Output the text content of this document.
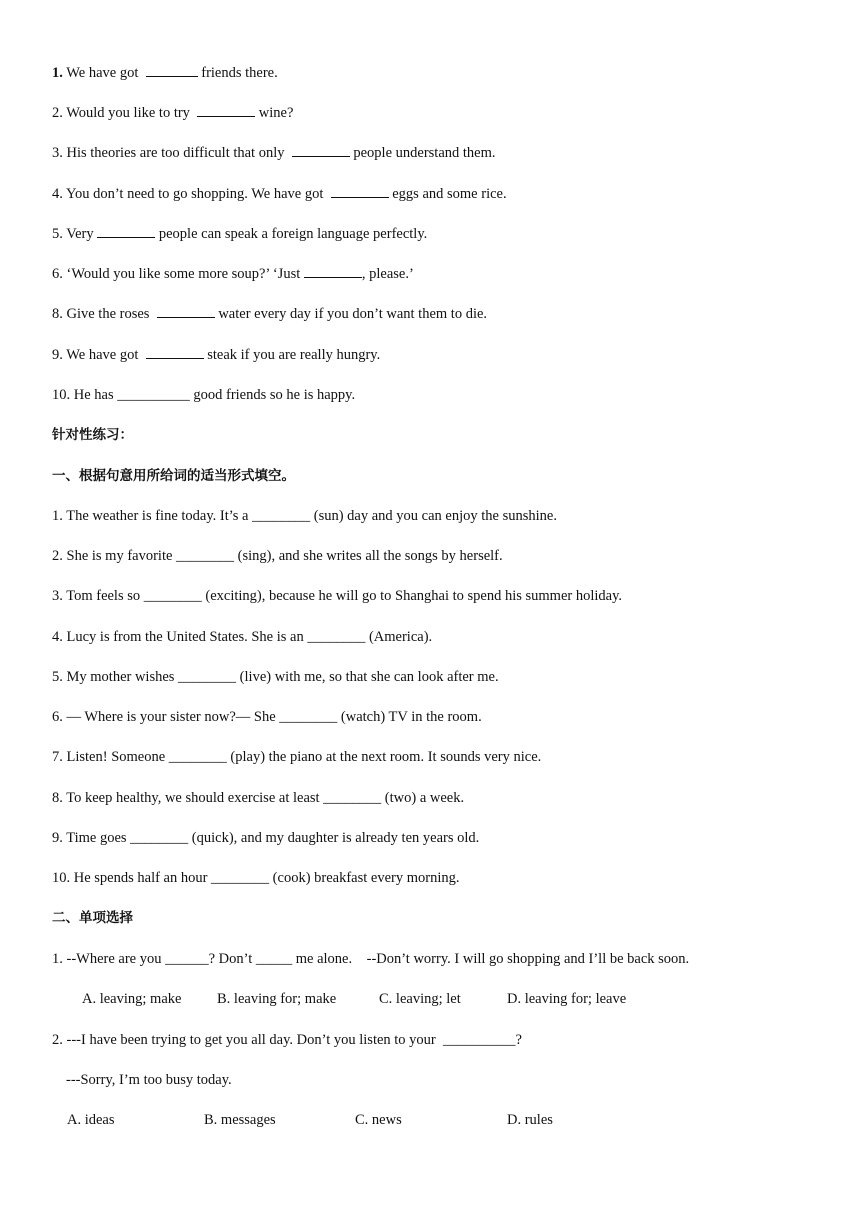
1. We have got	friends there.

2. Would you like to try	wine?

3. His theories are too difficult that only	people understand them.

4. You don’t need to go shopping. We have got	eggs and some rice.

5. Very	people can speak a foreign language perfectly.

6. ‘Would you like some more soup?’ ‘Just	, please.’

8. Give the roses	water every day if you don’t want them to die.

9. We have got	steak if you are really hungry.

10. He has __________ good friends so he is happy.

针对性练习：

一、根据句意用所给词的适当形式填空。

1. The weather is fine today. It’s a ________ (sun) day and you can enjoy the sunshine.

2. She is my favorite ________ (sing), and she writes all the songs by herself.

3. Tom feels so ________ (exciting), because he will go to Shanghai to spend his summer holiday.

4. Lucy is from the United States. She is an ________ (America).

5. My mother wishes ________ (live) with me, so that she can look after me.

6. — Where is your sister now?— She ________ (watch) TV in the room.

7. Listen! Someone ________ (play) the piano at the next room. It sounds very nice.

8. To keep healthy, we should exercise at least ________ (two) a week.

9. Time goes ________ (quick), and my daughter is already ten years old.

10. He spends half an hour ________ (cook) breakfast every morning.

二、单项选择

1. --Where are you ______? Don’t _____ me alone.    --Don’t worry. I will go shopping and I’ll be back soon.

A. leaving; make B. leaving for; make	C. leaving; let	D. leaving for; leave

2. ---I have been trying to get you all day. Don’t you listen to your  __________?

---Sorry, I’m too busy today.

A. ideas	B. messages	C. news	D. rules
